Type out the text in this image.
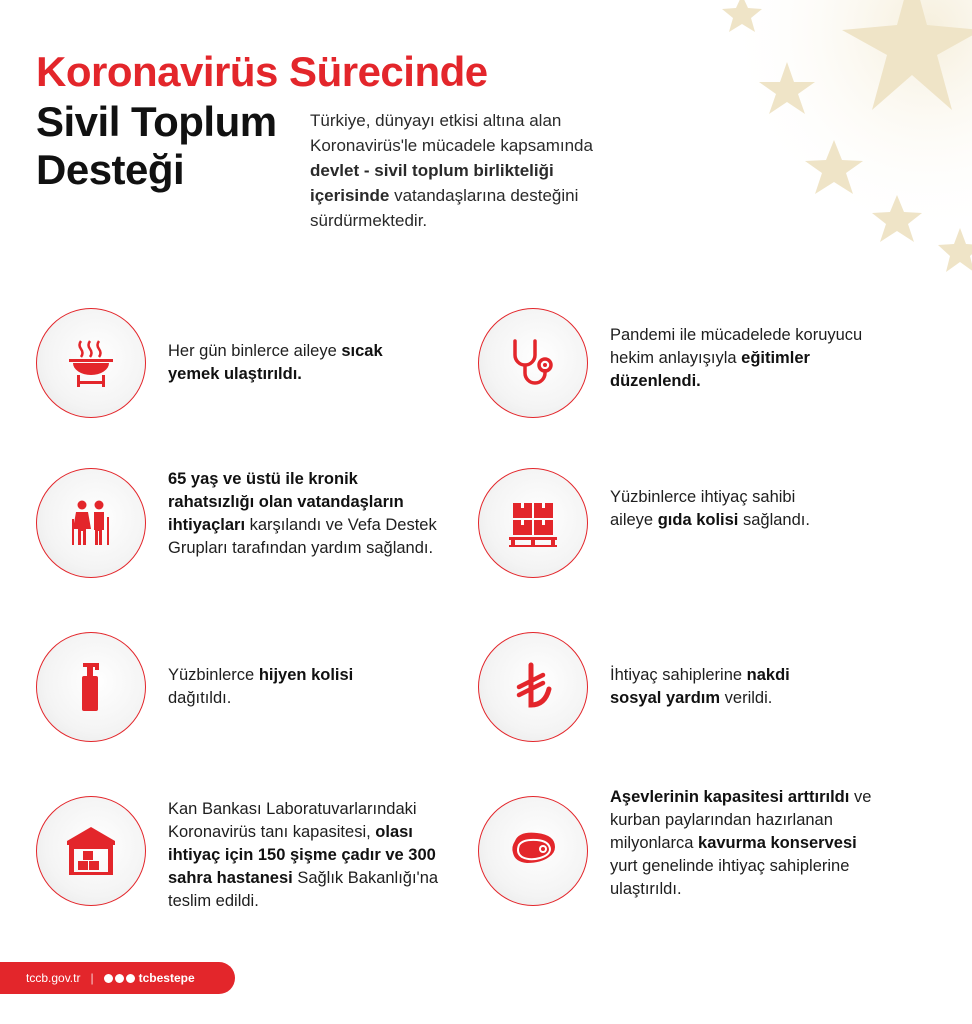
Koronavirüs Sürecinde
Sivil Toplum Desteği
Türkiye, dünyayı etkisi altına alan Koronavirüs'le mücadele kapsamında devlet - sivil toplum birlikteliği içerisinde vatandaşlarına desteğini sürdürmektedir.
Her gün binlerce aileye sıcak yemek ulaştırıldı.
Pandemi ile mücadelede koruyucu hekim anlayışıyla eğitimler düzenlendi.
65 yaş ve üstü ile kronik rahatsızlığı olan vatandaşların ihtiyaçları karşılandı ve Vefa Destek Grupları tarafından yardım sağlandı.
Yüzbinlerce ihtiyaç sahibi aileye gıda kolisi sağlandı.
Yüzbinlerce hijyen kolisi dağıtıldı.
İhtiyaç sahiplerine nakdi sosyal yardım verildi.
Kan Bankası Laboratuvarlarındaki Koronavirüs tanı kapasitesi, olası ihtiyaç için 150 şişme çadır ve 300 sahra hastanesi Sağlık Bakanlığı'na teslim edildi.
Aşevlerinin kapasitesi arttırıldı ve kurban paylarından hazırlanan milyonlarca kavurma konservesi yurt genelinde ihtiyaç sahiplerine ulaştırıldı.
tccb.gov.tr |	tcbestepe
